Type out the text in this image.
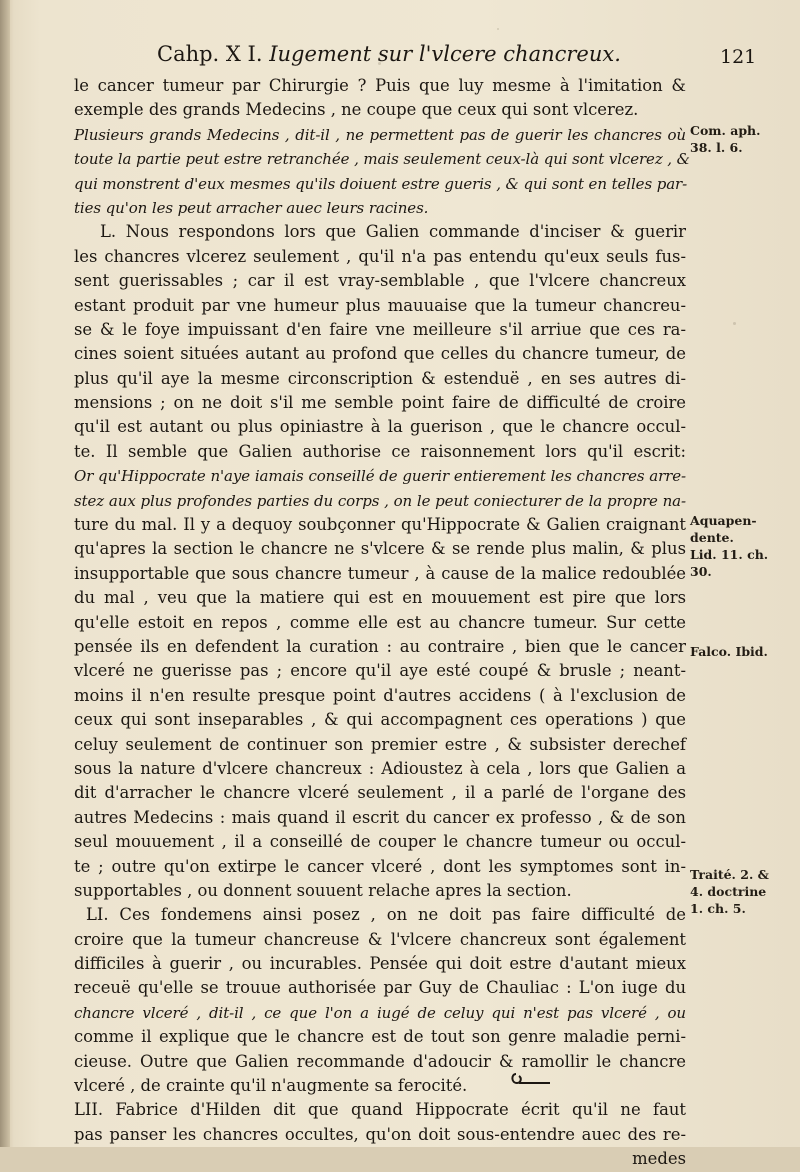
Cahp. X I. Iugement sur l'vlcere chancreux.	121
le cancer tumeur par Chirurgie ? Puis que luy mesme à l'imitation &
exemple des grands Medecins , ne coupe que ceux qui sont vlcerez.
Plusieurs grands Medecins , dit-il , ne permettent pas de guerir les chancres où
toute la partie peut estre retranchée , mais seulement ceux-là qui sont vlcerez , &
qui monstrent d'eux mesmes qu'ils doiuent estre gueris , & qui sont en telles par-
ties qu'on les peut arracher auec leurs racines.
L. Nous respondons lors que Galien commande d'inciser & guerir
les chancres vlcerez seulement , qu'il n'a pas entendu qu'eux seuls fus-
sent guerissables ; car il est vray-semblable , que l'vlcere chancreux
estant produit par vne humeur plus mauuaise que la tumeur chancreu-
se & le foye impuissant d'en faire vne meilleure s'il arriue que ces ra-
cines soient situées autant au profond que celles du chancre tumeur, de
plus qu'il aye la mesme circonscription & estenduë , en ses autres di-
mensions ; on ne doit s'il me semble point faire de difficulté de croire
qu'il est autant ou plus opiniastre à la guerison , que le chancre occul-
te. Il semble que Galien authorise ce raisonnement lors qu'il escrit:
Or qu'Hippocrate n'aye iamais conseillé de guerir entierement les chancres arre-
stez aux plus profondes parties du corps , on le peut coniecturer de la propre na-
ture du mal. Il y a dequoy soubçonner qu'Hippocrate & Galien craignant
qu'apres la section le chancre ne s'vlcere & se rende plus malin, & plus
insupportable que sous chancre tumeur , à cause de la malice redoublée
du mal , veu que la matiere qui est en mouuement est pire que lors
qu'elle estoit en repos , comme elle est au chancre tumeur. Sur cette
pensée ils en defendent la curation : au contraire , bien que le cancer
vlceré ne guerisse pas ; encore qu'il aye esté coupé & brusle ; neant-
moins il n'en resulte presque point d'autres accidens ( à l'exclusion de
ceux qui sont inseparables , & qui accompagnent ces operations ) que
celuy seulement de continuer son premier estre , & subsister derechef
sous la nature d'vlcere chancreux : Adioustez à cela , lors que Galien a
dit d'arracher le chancre vlceré seulement , il a parlé de l'organe des
autres Medecins : mais quand il escrit du cancer ex professo , & de son
seul mouuement , il a conseillé de couper le chancre tumeur ou occul-
te ; outre qu'on extirpe le cancer vlceré , dont les symptomes sont in-
supportables , ou donnent souuent relache apres la section.
LI. Ces fondemens ainsi posez , on ne doit pas faire difficulté de
croire que la tumeur chancreuse & l'vlcere chancreux sont également
difficiles à guerir , ou incurables. Pensée qui doit estre d'autant mieux
receuë qu'elle se trouue authorisée par Guy de Chauliac : L'on iuge du
chancre vlceré , dit-il , ce que l'on a iugé de celuy qui n'est pas vlceré , ou
comme il explique que le chancre est de tout son genre maladie perni-
cieuse. Outre que Galien recommande d'adoucir & ramollir le chancre
vlceré , de crainte qu'il n'augmente sa ferocité.
LII. Fabrice d'Hilden dit que quand Hippocrate écrit qu'il ne faut
pas panser les chancres occultes, qu'on doit sous-entendre auec des re-
medes
Com. aph.
38. l. 6.
Aquapen-
dente.
Lid. 11. ch.
30.
Falco. Ibid.
Traité. 2. &
4. doctrine
1. ch. 5.
